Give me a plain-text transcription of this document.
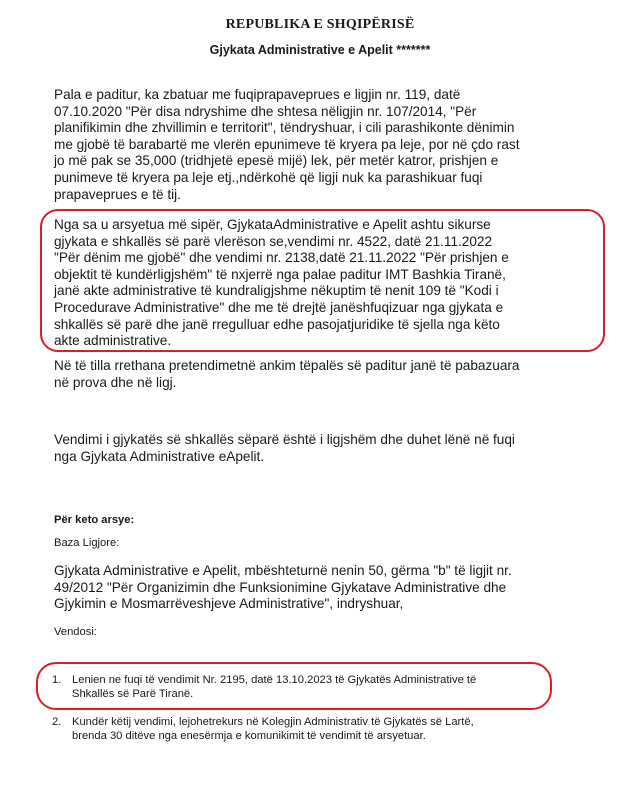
REPUBLIKA E SHQIPËRISË
Gjykata Administrative e Apelit *******
Pala e paditur, ka zbatuar me fuqiprapaveprues e ligjin nr. 119, datë
07.10.2020 "Për disa ndryshime dhe shtesa nëligjin nr. 107/2014, "Për
planifikimin dhe zhvillimin e territorit", tëndryshuar, i cili parashikonte dënimin
me gjobë të barabartë me vlerën epunimeve të kryera pa leje, por në çdo rast
jo më pak se 35,000 (tridhjetë epesë mijë) lek, për metër katror, prishjen e
punimeve të kryera pa leje etj.,ndërkohë që ligji nuk ka parashikuar fuqi
prapaveprues e të tij.
Nga sa u arsyetua më sipër, GjykataAdministrative e Apelit ashtu sikurse
gjykata e shkallës së parë vlerëson se,vendimi nr. 4522, datë 21.11.2022
"Për dënim me gjobë" dhe vendimi nr. 2138,datë 21.11.2022 "Për prishjen e
objektit të kundërligjshëm" të nxjerrë nga palae paditur IMT Bashkia Tiranë,
janë akte administrative të kundraligjshme nëkuptim të nenit 109 të "Kodi i
Procedurave Administrative" dhe me të drejtë janëshfuqizuar nga gjykata e
shkallës së parë dhe janë rregulluar edhe pasojatjuridike të sjella nga këto
akte administrative.
Në të tilla rrethana pretendimetnë ankim tëpalës së paditur janë të pabazuara
në prova dhe në ligj.
Vendimi i gjykatës së shkallës sëparë është i ligjshëm dhe duhet lënë në fuqi
nga Gjykata Administrative eApelit.
Për keto arsye:
Baza Ligjore:
Gjykata Administrative e Apelit, mbështeturnë nenin 50, gërma "b" të ligjit nr.
49/2012 "Për Organizimin dhe Funksionimine Gjykatave Administrative dhe
Gjykimin e Mosmarrëveshjeve Administrative", indryshuar,
Vendosi:
1. Lenien ne fuqi të vendimit Nr. 2195, datë 13.10.2023 të Gjykatës Administrative të
Shkallës së Parë Tiranë.
2. Kundër këtij vendimi, lejohetrekurs në Kolegjin Administrativ të Gjykatës së Lartë,
brenda 30 ditëve nga enesërmja e komunikimit të vendimit të arsyetuar.
